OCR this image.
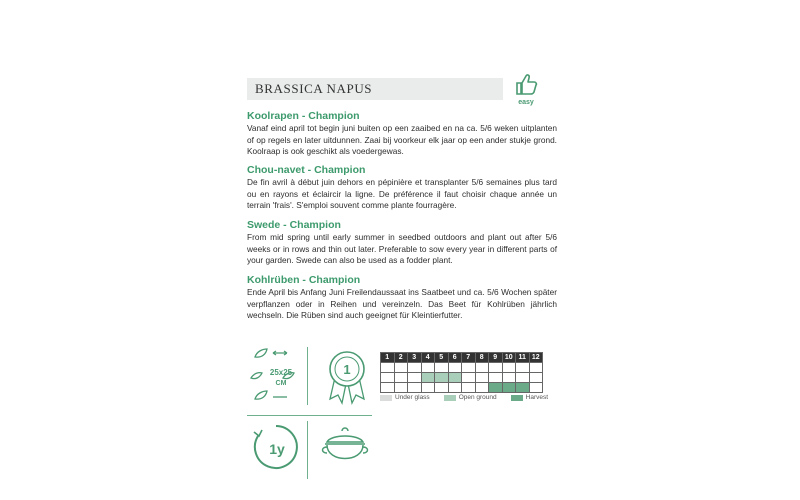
BRASSICA NAPUS
easy
Koolrapen - Champion

Vanaf eind april tot begin juni buiten op een zaaibed en na ca. 5/6 weken uitplanten of op regels en later uitdunnen. Zaai bij voorkeur elk jaar op een ander stukje grond. Koolraap is ook geschikt als voedergewas.

Chou-navet - Champion

De fin avril à début juin dehors en pépinière et transplanter 5/6 semaines plus tard ou en rayons et éclaircir la ligne. De préférence il faut choisir chaque année un terrain 'frais'. S'emploi souvent comme plante fourragère.

Swede - Champion

From mid spring until early summer in seedbed outdoors and plant out after 5/6 weeks or in rows and thin out later. Preferable to sow every year in different parts of your garden. Swede can also be used as a fodder plant.

Kohlrüben - Champion

Ende April bis Anfang Juni Freilendaussaat ins Saatbeet und ca. 5/6 Wochen später verpflanzen oder in Reihen und vereinzeln. Das Beet für Kohlrüben jährlich wechseln. Die Rüben sind auch geeignet für Kleintierfutter.

25x25
CM
1
1y
1	2	3	4	5	6	7	8	9	10	11	12

Under glass	Open ground	Harvest
